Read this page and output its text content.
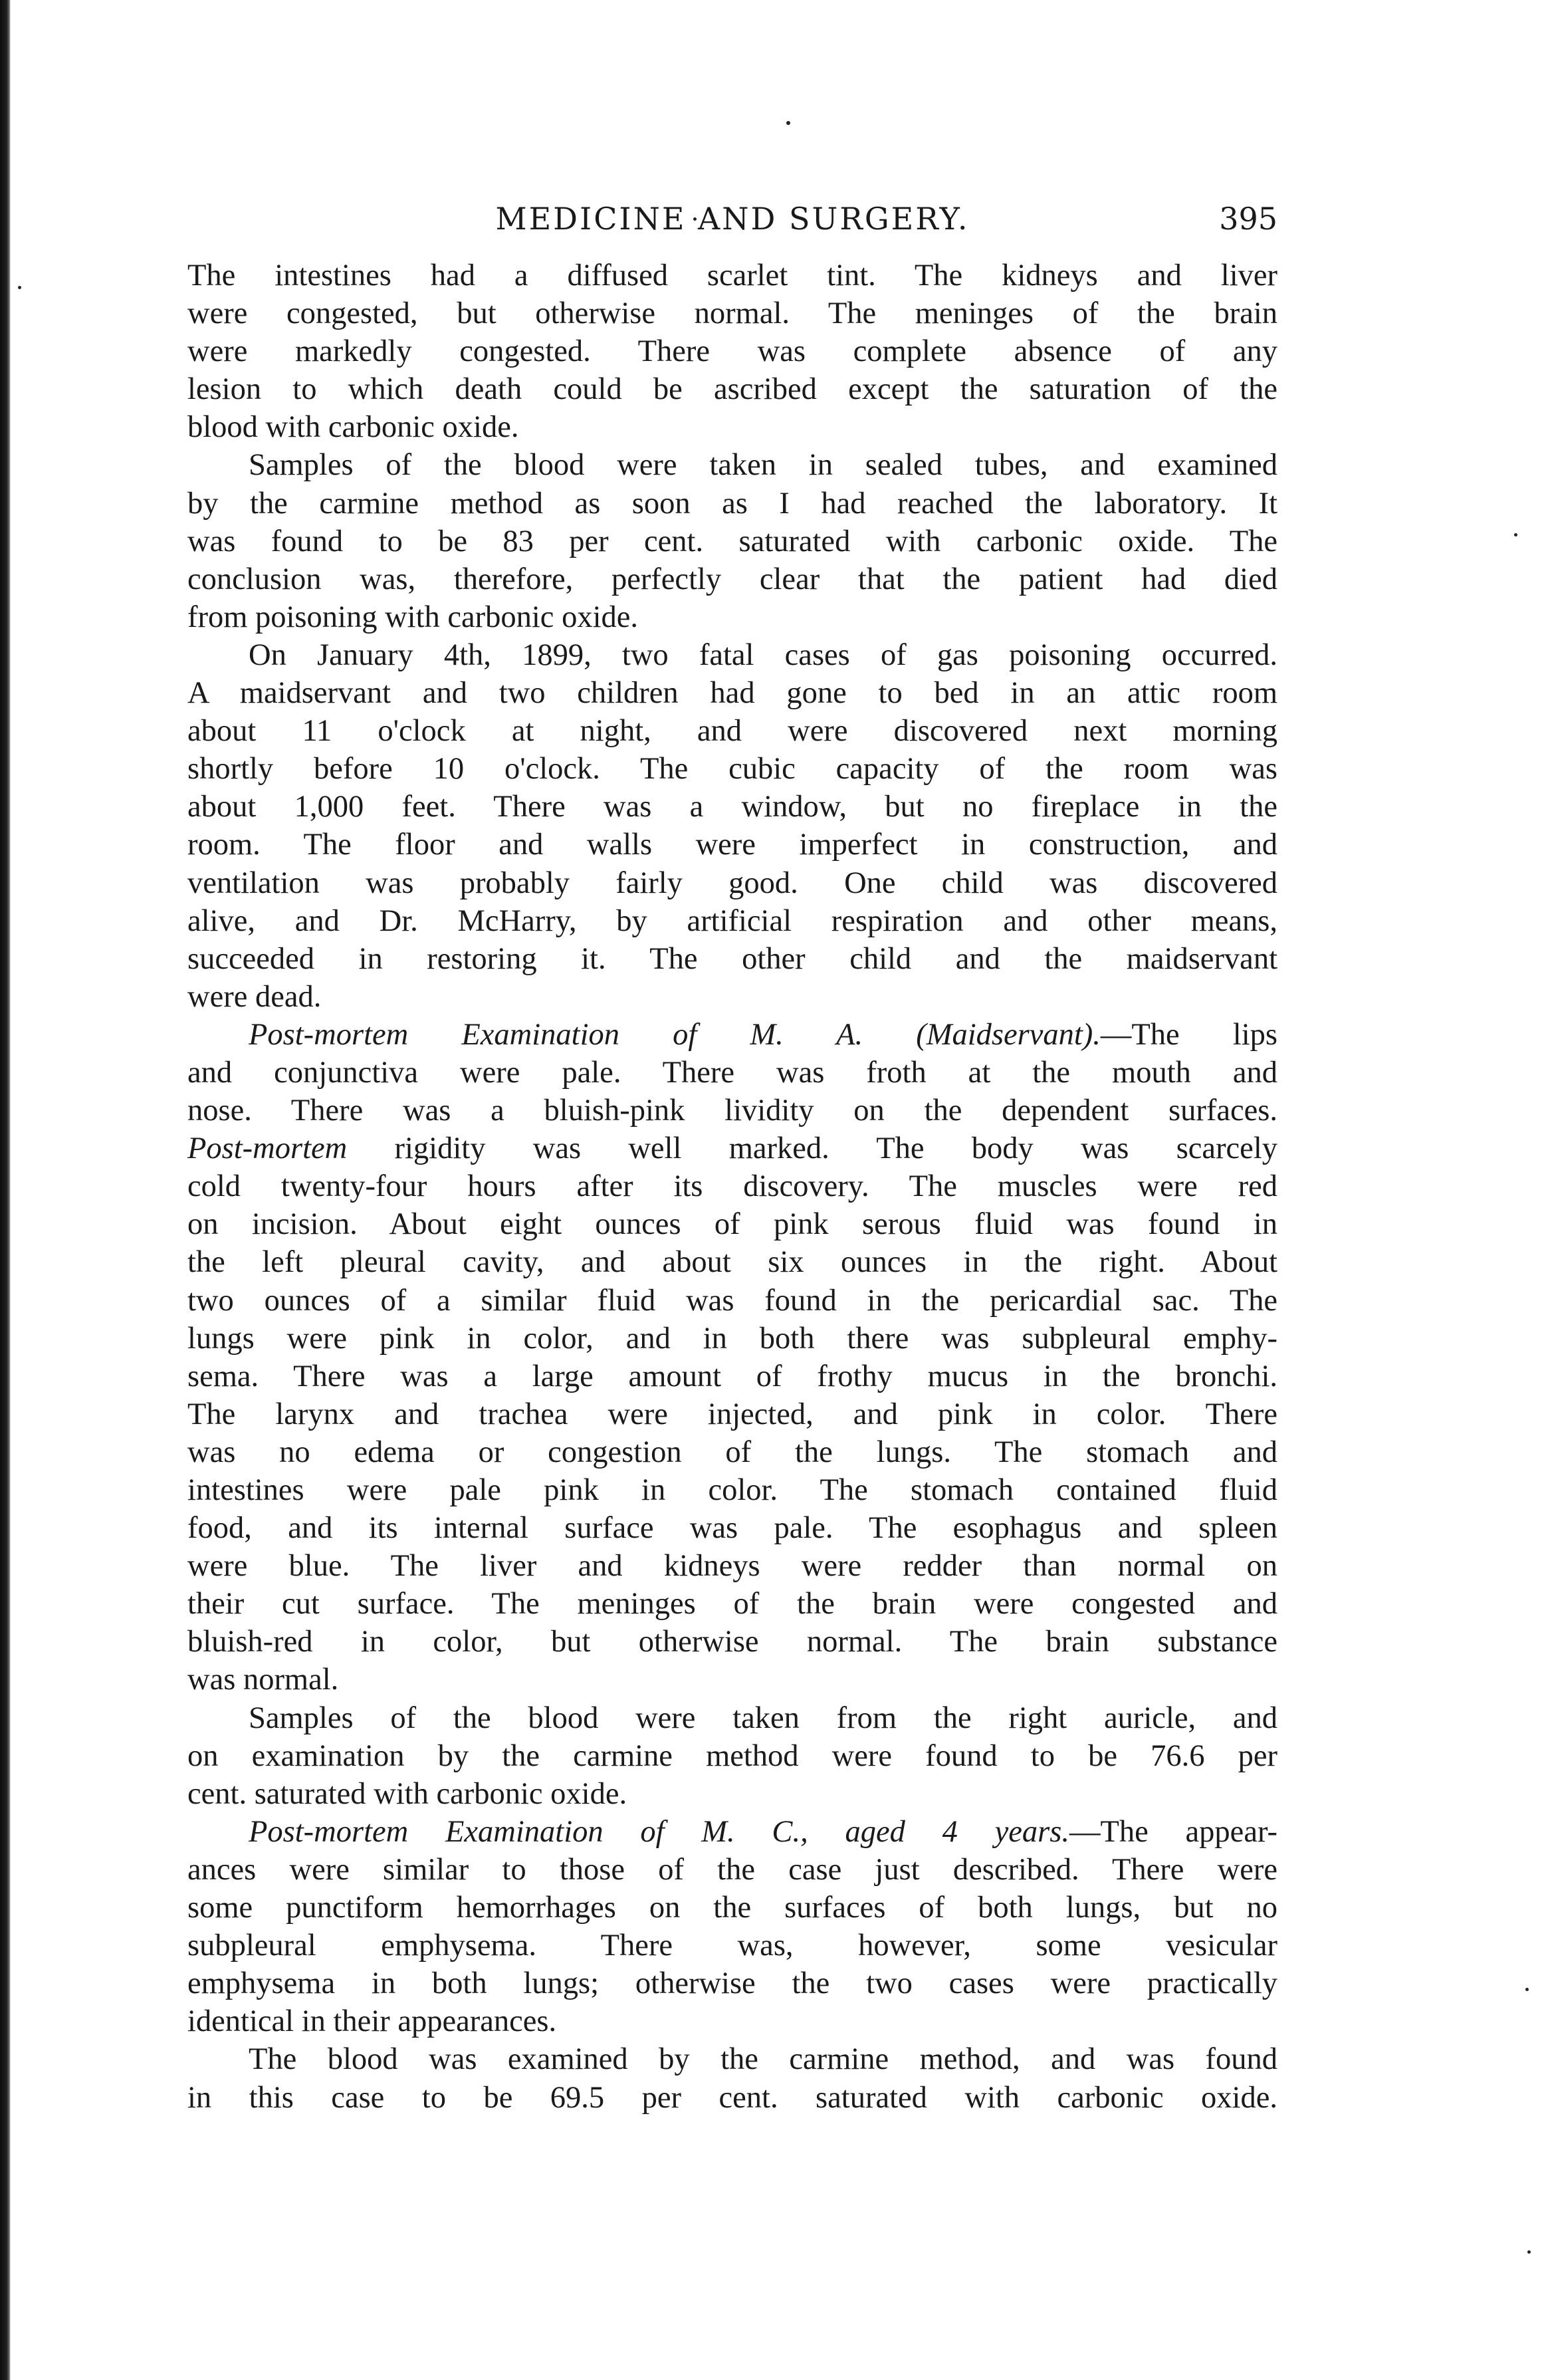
MEDICINE AND SURGERY.	395
The intestines had a diffused scarlet tint. The kidneys and liver
were congested, but otherwise normal. The meninges of the brain
were markedly congested. There was complete absence of any
lesion to which death could be ascribed except the saturation of the
blood with carbonic oxide.
Samples of the blood were taken in sealed tubes, and examined
by the carmine method as soon as I had reached the laboratory. It
was found to be 83 per cent. saturated with carbonic oxide. The
conclusion was, therefore, perfectly clear that the patient had died
from poisoning with carbonic oxide.
On January 4th, 1899, two fatal cases of gas poisoning occurred.
A maidservant and two children had gone to bed in an attic room
about 11 o'clock at night, and were discovered next morning
shortly before 10 o'clock. The cubic capacity of the room was
about 1,000 feet. There was a window, but no fireplace in the
room. The floor and walls were imperfect in construction, and
ventilation was probably fairly good. One child was discovered
alive, and Dr. McHarry, by artificial respiration and other means,
succeeded in restoring it. The other child and the maidservant
were dead.
Post-mortem Examination of M. A. (Maidservant).—The lips
and conjunctiva were pale. There was froth at the mouth and
nose. There was a bluish-pink lividity on the dependent surfaces.
Post-mortem rigidity was well marked. The body was scarcely
cold twenty-four hours after its discovery. The muscles were red
on incision. About eight ounces of pink serous fluid was found in
the left pleural cavity, and about six ounces in the right. About
two ounces of a similar fluid was found in the pericardial sac. The
lungs were pink in color, and in both there was subpleural emphy-
sema. There was a large amount of frothy mucus in the bronchi.
The larynx and trachea were injected, and pink in color. There
was no edema or congestion of the lungs. The stomach and
intestines were pale pink in color. The stomach contained fluid
food, and its internal surface was pale. The esophagus and spleen
were blue. The liver and kidneys were redder than normal on
their cut surface. The meninges of the brain were congested and
bluish-red in color, but otherwise normal. The brain substance
was normal.
Samples of the blood were taken from the right auricle, and
on examination by the carmine method were found to be 76.6 per
cent. saturated with carbonic oxide.
Post-mortem Examination of M. C., aged 4 years.—The appear-
ances were similar to those of the case just described. There were
some punctiform hemorrhages on the surfaces of both lungs, but no
subpleural emphysema. There was, however, some vesicular
emphysema in both lungs; otherwise the two cases were practically
identical in their appearances.
The blood was examined by the carmine method, and was found
in this case to be 69.5 per cent. saturated with carbonic oxide.
